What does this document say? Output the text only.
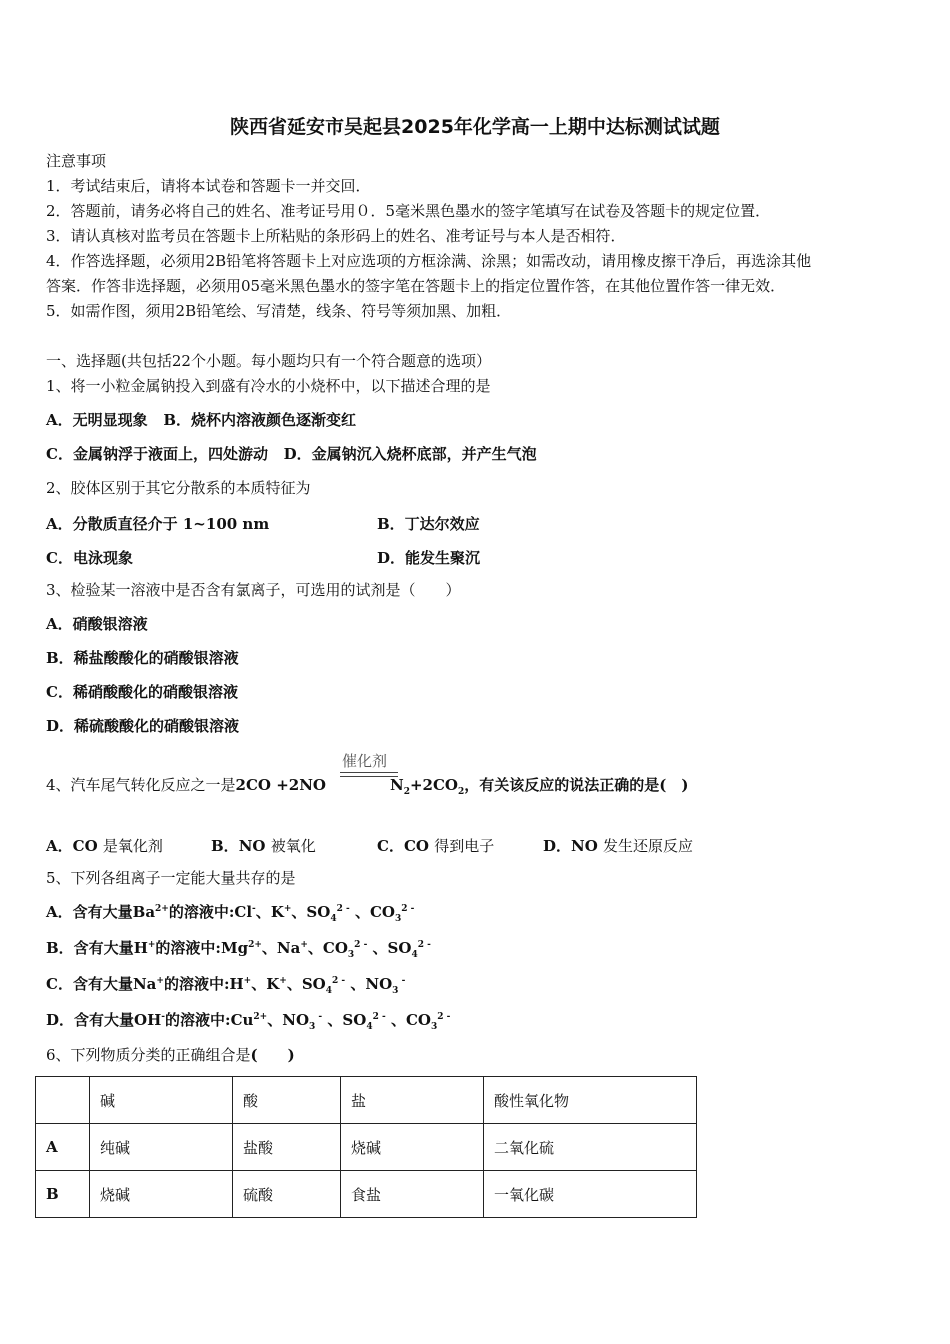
陕西省延安市吴起县2025年化学高一上期中达标测试试题
注意事项
1．考试结束后，请将本试卷和答题卡一并交回．
2．答题前，请务必将自己的姓名、准考证号用０．5毫米黑色墨水的签字笔填写在试卷及答题卡的规定位置．
3．请认真核对监考员在答题卡上所粘贴的条形码上的姓名、准考证号与本人是否相符．
4．作答选择题，必须用2B铅笔将答题卡上对应选项的方框涂满、涂黑；如需改动，请用橡皮擦干净后，再选涂其他
答案．作答非选择题，必须用05毫米黑色墨水的签字笔在答题卡上的指定位置作答，在其他位置作答一律无效．
5．如需作图，须用2B铅笔绘、写清楚，线条、符号等须加黑、加粗．
一、选择题(共包括22个小题。每小题均只有一个符合题意的选项）
1、将一小粒金属钠投入到盛有冷水的小烧杯中，以下描述合理的是
A．无明显现象 B．烧杯内溶液颜色逐渐变红
C．金属钠浮于液面上，四处游动 D．金属钠沉入烧杯底部，并产生气泡
2、胶体区别于其它分散系的本质特征为
A．分散质直径介于 1~100 nm	B．丁达尔效应
C．电泳现象	D．能发生聚沉
3、检验某一溶液中是否含有氯离子，可选用的试剂是（　　）
A．硝酸银溶液
B．稀盐酸酸化的硝酸银溶液
C．稀硝酸酸化的硝酸银溶液
D．稀硫酸酸化的硝酸银溶液
催化剂
4、汽车尾气转化反应之一是2CO +2NO	$N_2+2CO_2$，有关该反应的说法正确的是(　)
A．CO 是氧化剂	B．NO 被氧化	C．CO 得到电子	D．NO 发生还原反应
5、下列各组离子一定能大量共存的是
A．含有大量$Ba^{2+}$的溶液中:Cl-、K+、$SO_4^{2 -}$ 、$CO_3^{2 -}$
B．含有大量H+的溶液中$:Mg^{2+}$、Na+、$CO_3^{2 -}$ 、$SO_4^{2 -}$
C．含有大量Na+的溶液中:H+、K+、$SO_4^{2 -}$ 、$NO_3$ -
D．含有大量OH-的溶液中$:Cu^{2+}$、$NO_3$ - 、$SO_4^{2 -}$ 、$CO_3^{2 -}$
6、下列物质分类的正确组合是(　　)
	碱	酸	盐	酸性氧化物
A	纯碱	盐酸	烧碱	二氧化硫
B	烧碱	硫酸	食盐	一氧化碳
